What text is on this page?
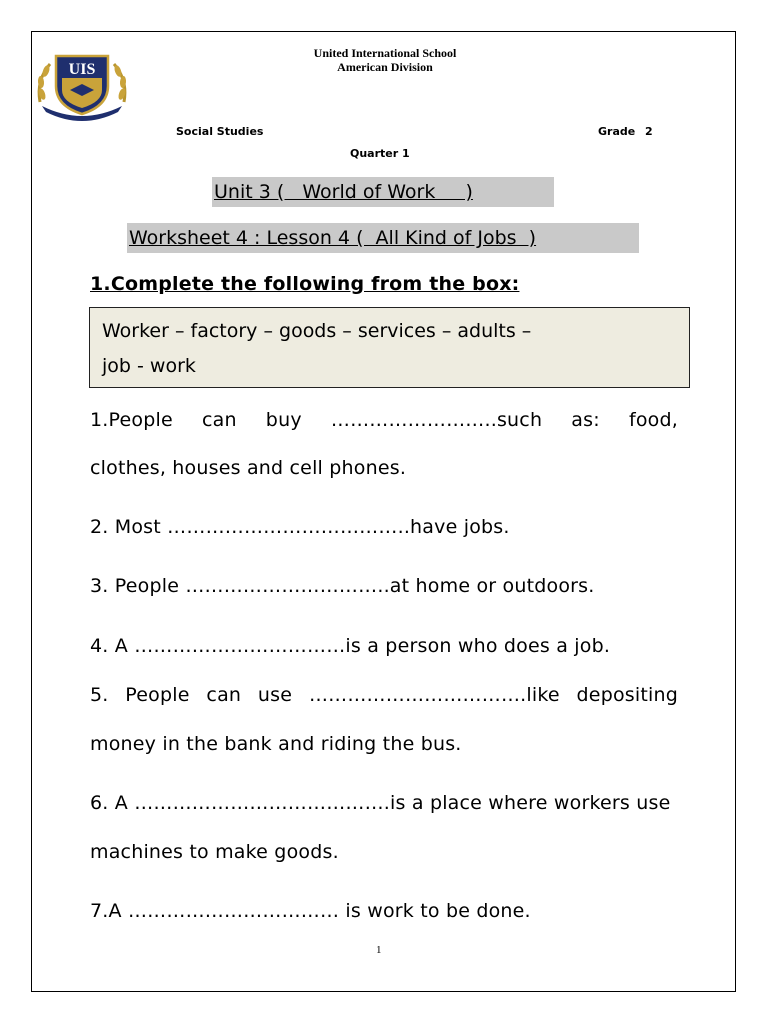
UIS
United International School
American Division
Social Studies	Grade 2
Quarter 1
Unit 3 (   World of Work     )
Worksheet 4 : Lesson 4 (  All Kind of Jobs  )
1.Complete the following from the box:
Worker – factory – goods – services – adults –
job - work
1.People can buy ……………………..such as: food,
clothes, houses and cell phones.
2. Most ………………………………..have jobs.
3. People …………………………..at home or outdoors.
4. A ……………………………is a person who does a job.
5. People can use …………………………….like depositing
money in the bank and riding the bus.
6. A ………………………………….is a place where workers use
machines to make goods.
7.A …………………………… is work to be done.
1
